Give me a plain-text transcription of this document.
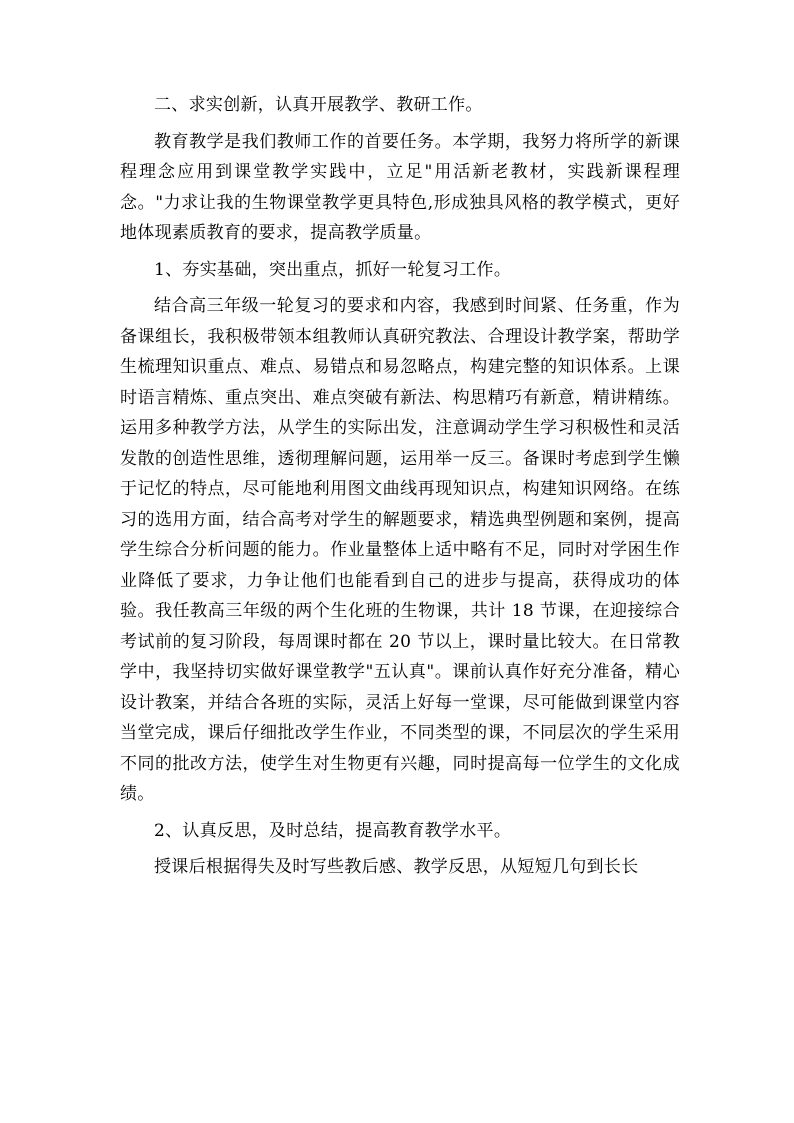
二、求实创新，认真开展教学、教研工作。

教育教学是我们教师工作的首要任务。本学期，我努力将所学的新课程理念应用到课堂教学实践中，立足"用活新老教材，实践新课程理念。"力求让我的生物课堂教学更具特色,形成独具风格的教学模式，更好地体现素质教育的要求，提高教学质量。

1、夯实基础，突出重点，抓好一轮复习工作。

结合高三年级一轮复习的要求和内容，我感到时间紧、任务重，作为备课组长，我积极带领本组教师认真研究教法、合理设计教学案，帮助学生梳理知识重点、难点、易错点和易忽略点，构建完整的知识体系。上课时语言精炼、重点突出、难点突破有新法、构思精巧有新意，精讲精练。运用多种教学方法，从学生的实际出发，注意调动学生学习积极性和灵活发散的创造性思维，透彻理解问题，运用举一反三。备课时考虑到学生懒于记忆的特点，尽可能地利用图文曲线再现知识点，构建知识网络。在练习的选用方面，结合高考对学生的解题要求，精选典型例题和案例，提高学生综合分析问题的能力。作业量整体上适中略有不足，同时对学困生作业降低了要求，力争让他们也能看到自己的进步与提高，获得成功的体验。我任教高三年级的两个生化班的生物课，共计 18 节课，在迎接综合考试前的复习阶段，每周课时都在 20 节以上，课时量比较大。在日常教学中，我坚持切实做好课堂教学"五认真"。课前认真作好充分准备，精心设计教案，并结合各班的实际，灵活上好每一堂课，尽可能做到课堂内容当堂完成，课后仔细批改学生作业，不同类型的课，不同层次的学生采用不同的批改方法，使学生对生物更有兴趣，同时提高每一位学生的文化成绩。

2、认真反思，及时总结，提高教育教学水平。

授课后根据得失及时写些教后感、教学反思，从短短几句到长长
